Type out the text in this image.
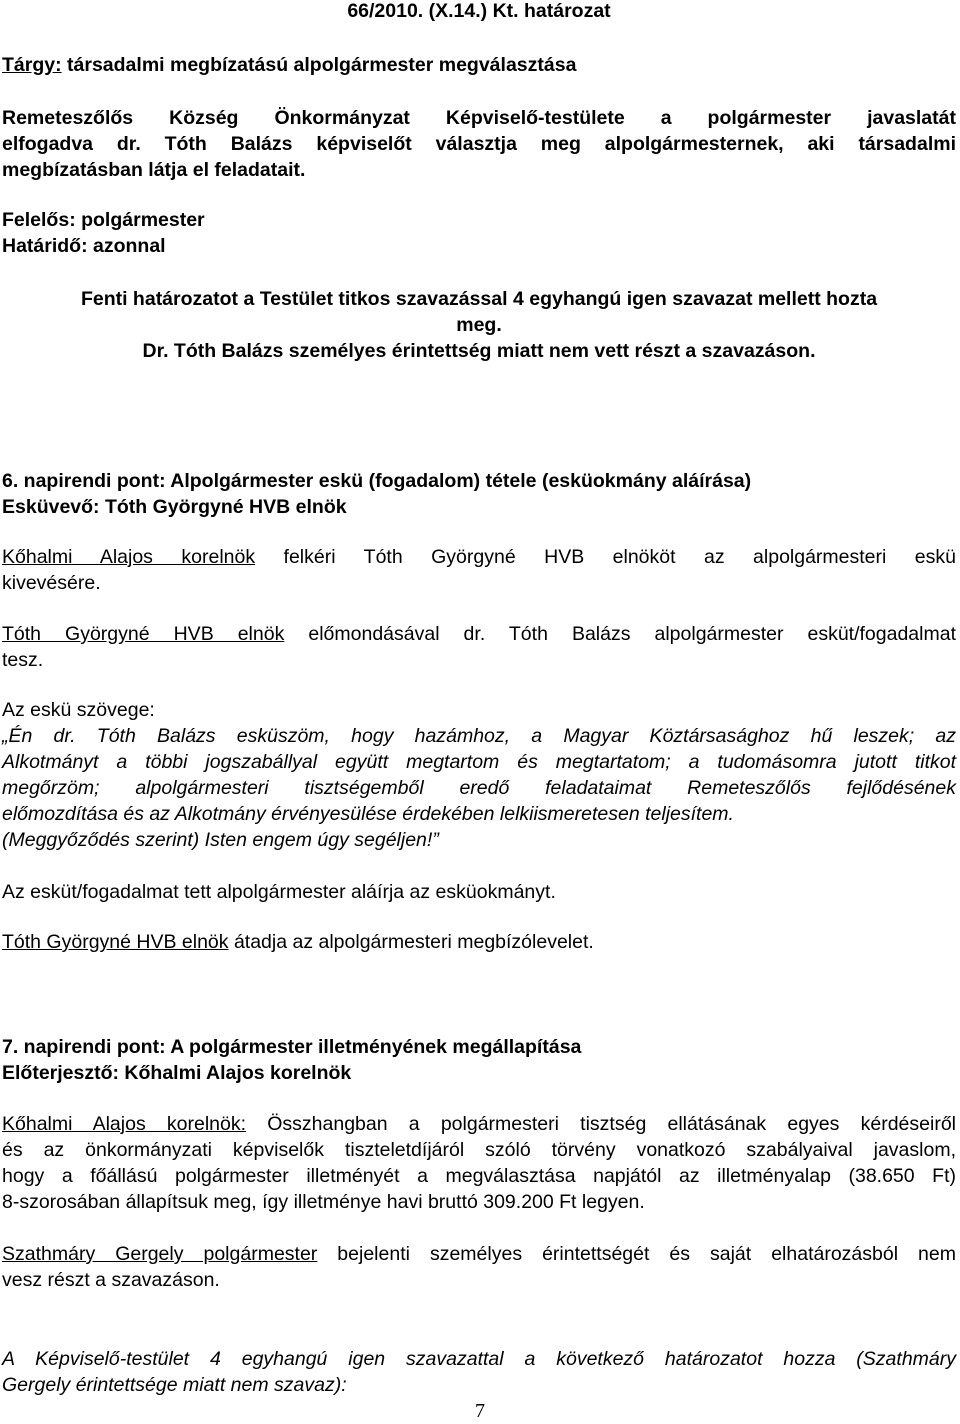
66/2010. (X.14.) Kt. határozat

Tárgy: társadalmi megbízatású alpolgármester megválasztása

Remeteszőlős Község Önkormányzat Képviselő-testülete a polgármester javaslatát

elfogadva dr. Tóth Balázs képviselőt választja meg alpolgármesternek, aki társadalmi

megbízatásban látja el feladatait.

Felelős: polgármester

Határidő: azonnal

Fenti határozatot a Testület titkos szavazással 4 egyhangú igen szavazat mellett hozta

meg.

Dr. Tóth Balázs személyes érintettség miatt nem vett részt a szavazáson.

6. napirendi pont: Alpolgármester eskü (fogadalom) tétele (esküokmány aláírása)

Esküvevő: Tóth Györgyné HVB elnök

Kőhalmi Alajos korelnök felkéri Tóth Györgyné HVB elnököt az alpolgármesteri eskü

kivevésére.

Tóth Györgyné HVB elnök előmondásával dr. Tóth Balázs alpolgármester esküt/fogadalmat

tesz.

Az eskü szövege:

„Én dr. Tóth Balázs esküszöm, hogy hazámhoz, a Magyar Köztársasághoz hű leszek; az

Alkotmányt a többi jogszabállyal együtt megtartom és megtartatom; a tudomásomra jutott titkot

megőrzöm; alpolgármesteri tisztségemből eredő feladataimat Remeteszőlős fejlődésének

előmozdítása és az Alkotmány érvényesülése érdekében lelkiismeretesen teljesítem.

(Meggyőződés szerint) Isten engem úgy segéljen!”

Az esküt/fogadalmat tett alpolgármester aláírja az esküokmányt.

Tóth Györgyné HVB elnök átadja az alpolgármesteri megbízólevelet.

7. napirendi pont: A polgármester illetményének megállapítása

Előterjesztő: Kőhalmi Alajos korelnök

Kőhalmi Alajos korelnök: Összhangban a polgármesteri tisztség ellátásának egyes kérdéseiről

és az önkormányzati képviselők tiszteletdíjáról szóló törvény vonatkozó szabályaival javaslom,

hogy a főállású polgármester illetményét a megválasztása napjától az illetményalap (38.650 Ft)

8-szorosában állapítsuk meg, így illetménye havi bruttó 309.200 Ft legyen.

Szathmáry Gergely polgármester bejelenti személyes érintettségét és saját elhatározásból nem

vesz részt a szavazáson.

A Képviselő-testület 4 egyhangú igen szavazattal a következő határozatot hozza (Szathmáry

Gergely érintettsége miatt nem szavaz):

7
